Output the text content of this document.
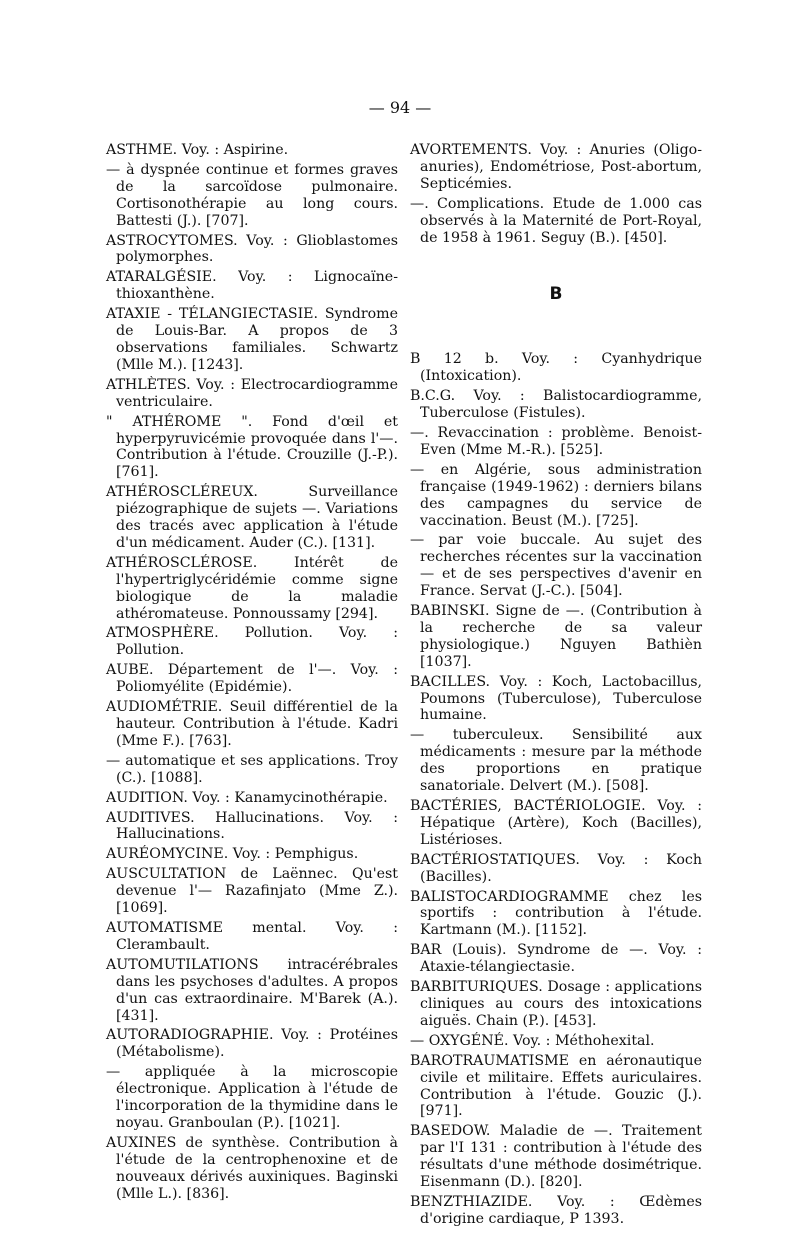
— 94 —

ASTHME. Voy. : Aspirine.

— à dyspnée continue et formes graves de la sarcoïdose pulmonaire. Cortisonothérapie au long cours. Battesti (J.). [707].

ASTROCYTOMES. Voy. : Glioblastomes polymorphes.

ATARALGÉSIE. Voy. : Lignocaïne-thioxanthène.

ATAXIE - TÉLANGIECTASIE. Syndrome de Louis-Bar. A propos de 3 observations familiales. Schwartz (Mlle M.). [1243].

ATHLÈTES. Voy. : Electrocardiogramme ventriculaire.

" ATHÉROME ". Fond d'œil et hyperpyruvicémie provoquée dans l'—. Contribution à l'étude. Crouzille (J.-P.). [761].

ATHÉROSCLÉREUX. Surveillance piézographique de sujets —. Variations des tracés avec application à l'étude d'un médicament. Auder (C.). [131].

ATHÉROSCLÉROSE. Intérêt de l'hypertriglycéridémie comme signe biologique de la maladie athéromateuse. Ponnoussamy [294].

ATMOSPHÈRE. Pollution. Voy. : Pollution.

AUBE. Département de l'—. Voy. : Poliomyélite (Epidémie).

AUDIOMÉTRIE. Seuil différentiel de la hauteur. Contribution à l'étude. Kadri (Mme F.). [763].

— automatique et ses applications. Troy (C.). [1088].

AUDITION. Voy. : Kanamycinothérapie.

AUDITIVES. Hallucinations. Voy. : Hallucinations.

AURÉOMYCINE. Voy. : Pemphigus.

AUSCULTATION de Laënnec. Qu'est devenue l'— Razafinjato (Mme Z.). [1069].

AUTOMATISME mental. Voy. : Clerambault.

AUTOMUTILATIONS intracérébrales dans les psychoses d'adultes. A propos d'un cas extraordinaire. M'Barek (A.). [431].

AUTORADIOGRAPHIE. Voy. : Protéines (Métabolisme).

— appliquée à la microscopie électronique. Application à l'étude de l'incorporation de la thymidine dans le noyau. Granboulan (P.). [1021].

AUXINES de synthèse. Contribution à l'étude de la centrophenoxine et de nouveaux dérivés auxiniques. Baginski (Mlle L.). [836].

AVORTEMENTS. Voy. : Anuries (Oligo-anuries), Endométriose, Post-abortum, Septicémies.

—. Complications. Etude de 1.000 cas observés à la Maternité de Port-Royal, de 1958 à 1961. Seguy (B.). [450].

B

B 12 b. Voy. : Cyanhydrique (Intoxication).

B.C.G. Voy. : Balistocardiogramme, Tuberculose (Fistules).

—. Revaccination : problème. Benoist-Even (Mme M.-R.). [525].

— en Algérie, sous administration française (1949-1962) : derniers bilans des campagnes du service de vaccination. Beust (M.). [725].

— par voie buccale. Au sujet des recherches récentes sur la vaccination — et de ses perspectives d'avenir en France. Servat (J.-C.). [504].

BABINSKI. Signe de —. (Contribution à la recherche de sa valeur physiologique.) Nguyen Bathièn [1037].

BACILLES. Voy. : Koch, Lactobacillus, Poumons (Tuberculose), Tuberculose humaine.

— tuberculeux. Sensibilité aux médicaments : mesure par la méthode des proportions en pratique sanatoriale. Delvert (M.). [508].

BACTÉRIES, BACTÉRIOLOGIE. Voy. : Hépatique (Artère), Koch (Bacilles), Listérioses.

BACTÉRIOSTATIQUES. Voy. : Koch (Bacilles).

BALISTOCARDIOGRAMME chez les sportifs : contribution à l'étude. Kartmann (M.). [1152].

BAR (Louis). Syndrome de —. Voy. : Ataxie-télangiectasie.

BARBITURIQUES. Dosage : applications cliniques au cours des intoxications aiguës. Chain (P.). [453].

— OXYGÉNÉ. Voy. : Méthohexital.

BAROTRAUMATISME en aéronautique civile et militaire. Effets auriculaires. Contribution à l'étude. Gouzic (J.). [971].

BASEDOW. Maladie de —. Traitement par l'I 131 : contribution à l'étude des résultats d'une méthode dosimétrique. Eisenmann (D.). [820].

BENZTHIAZIDE. Voy. : Œdèmes d'origine cardiaque, P 1393.
